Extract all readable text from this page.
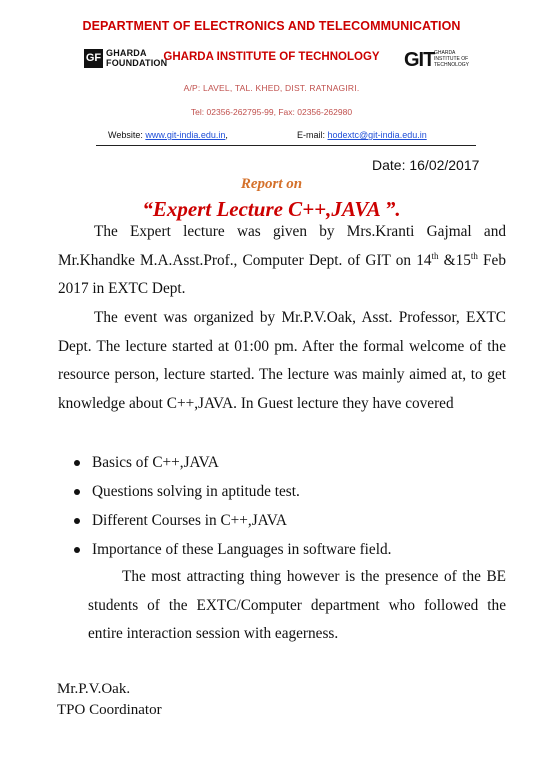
DEPARTMENT OF ELECTRONICS AND TELECOMMUNICATION
GF GHARDA
FOUNDATION
GHARDA INSTITUTE OF TECHNOLOGY	GIT GHARDA
INSTITUTE OF
TECHNOLOGY
A/P: LAVEL, TAL. KHED, DIST. RATNAGIRI.
Tel: 02356-262795-99, Fax: 02356-262980
Website: www.git-india.edu.in,	E-mail: hodextc@git-india.edu.in
Date: 16/02/2017
Report on
“Expert Lecture C++,JAVA ”.
The Expert lecture was given by Mrs.Kranti Gajmal and Mr.Khandke M.A.Asst.Prof., Computer Dept. of GIT on 14th &15th Feb 2017 in EXTC Dept.
The event was organized by Mr.P.V.Oak, Asst. Professor, EXTC Dept. The lecture started at 01:00 pm. After the formal welcome of the resource person, lecture started. The lecture was mainly aimed at, to get knowledge about C++,JAVA. In Guest lecture they have covered
Basics of C++,JAVA
Questions solving in aptitude test.
Different Courses in C++,JAVA
Importance of these Languages in software field.
The most attracting thing however is the presence of the BE students of the EXTC/Computer department who followed the entire interaction session with eagerness.
Mr.P.V.Oak.
TPO Coordinator
